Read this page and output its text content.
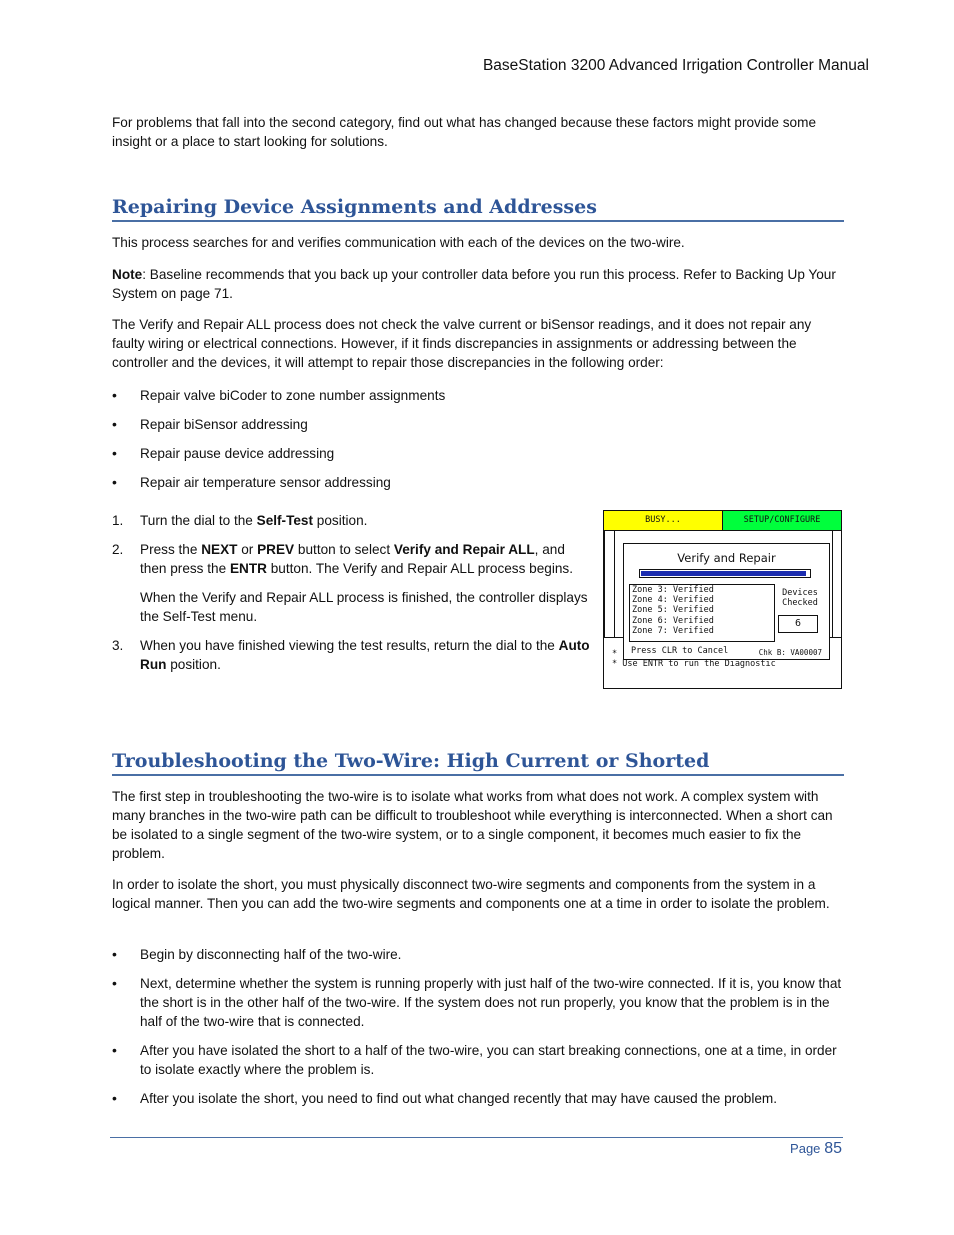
BaseStation 3200 Advanced Irrigation Controller Manual

For problems that fall into the second category, find out what has changed because these factors might provide some insight or a place to start looking for solutions.

Repairing Device Assignments and Addresses

This process searches for and verifies communication with each of the devices on the two-wire.

Note: Baseline recommends that you back up your controller data before you run this process. Refer to Backing Up Your System on page 71.

The Verify and Repair ALL process does not check the valve current or biSensor readings, and it does not repair any faulty wiring or electrical connections. However, if it finds discrepancies in assignments or addressing between the controller and the devices, it will attempt to repair those discrepancies in the following order:

• Repair valve biCoder to zone number assignments
• Repair biSensor addressing
• Repair pause device addressing
• Repair air temperature sensor addressing
1. Turn the dial to the Self-Test position.
2. Press the NEXT or PREV button to select Verify and Repair ALL, and then press the ENTR button. The Verify and Repair ALL process begins.
When the Verify and Repair ALL process is finished, the controller displays the Self-Test menu.
3. When you have finished viewing the test results, return the dial to the Auto Run position.
BUSY...	SETUP/CONFIGURE
Verify and Repair
Zone 3: Verified
Zone 4: Verified
Zone 5: Verified
Zone 6: Verified
Zone 7: Verified
Devices
Checked
6
Press CLR to Cancel	Chk B: VA00007
*
* Use ENTR to run the Diagnostic
Troubleshooting the Two-Wire: High Current or Shorted

The first step in troubleshooting the two-wire is to isolate what works from what does not work. A complex system with many branches in the two-wire path can be difficult to troubleshoot while everything is interconnected. When a short can be isolated to a single segment of the two-wire system, or to a single component, it becomes much easier to fix the problem.

In order to isolate the short, you must physically disconnect two-wire segments and components from the system in a logical manner. Then you can add the two-wire segments and components one at a time in order to isolate the problem.

• Begin by disconnecting half of the two-wire.
• Next, determine whether the system is running properly with just half of the two-wire connected. If it is, you know that the short is in the other half of the two-wire. If the system does not run properly, you know that the problem is in the half of the two-wire that is connected.
• After you have isolated the short to a half of the two-wire, you can start breaking connections, one at a time, in order to isolate exactly where the problem is.
• After you isolate the short, you need to find out what changed recently that may have caused the problem.
Page 85
